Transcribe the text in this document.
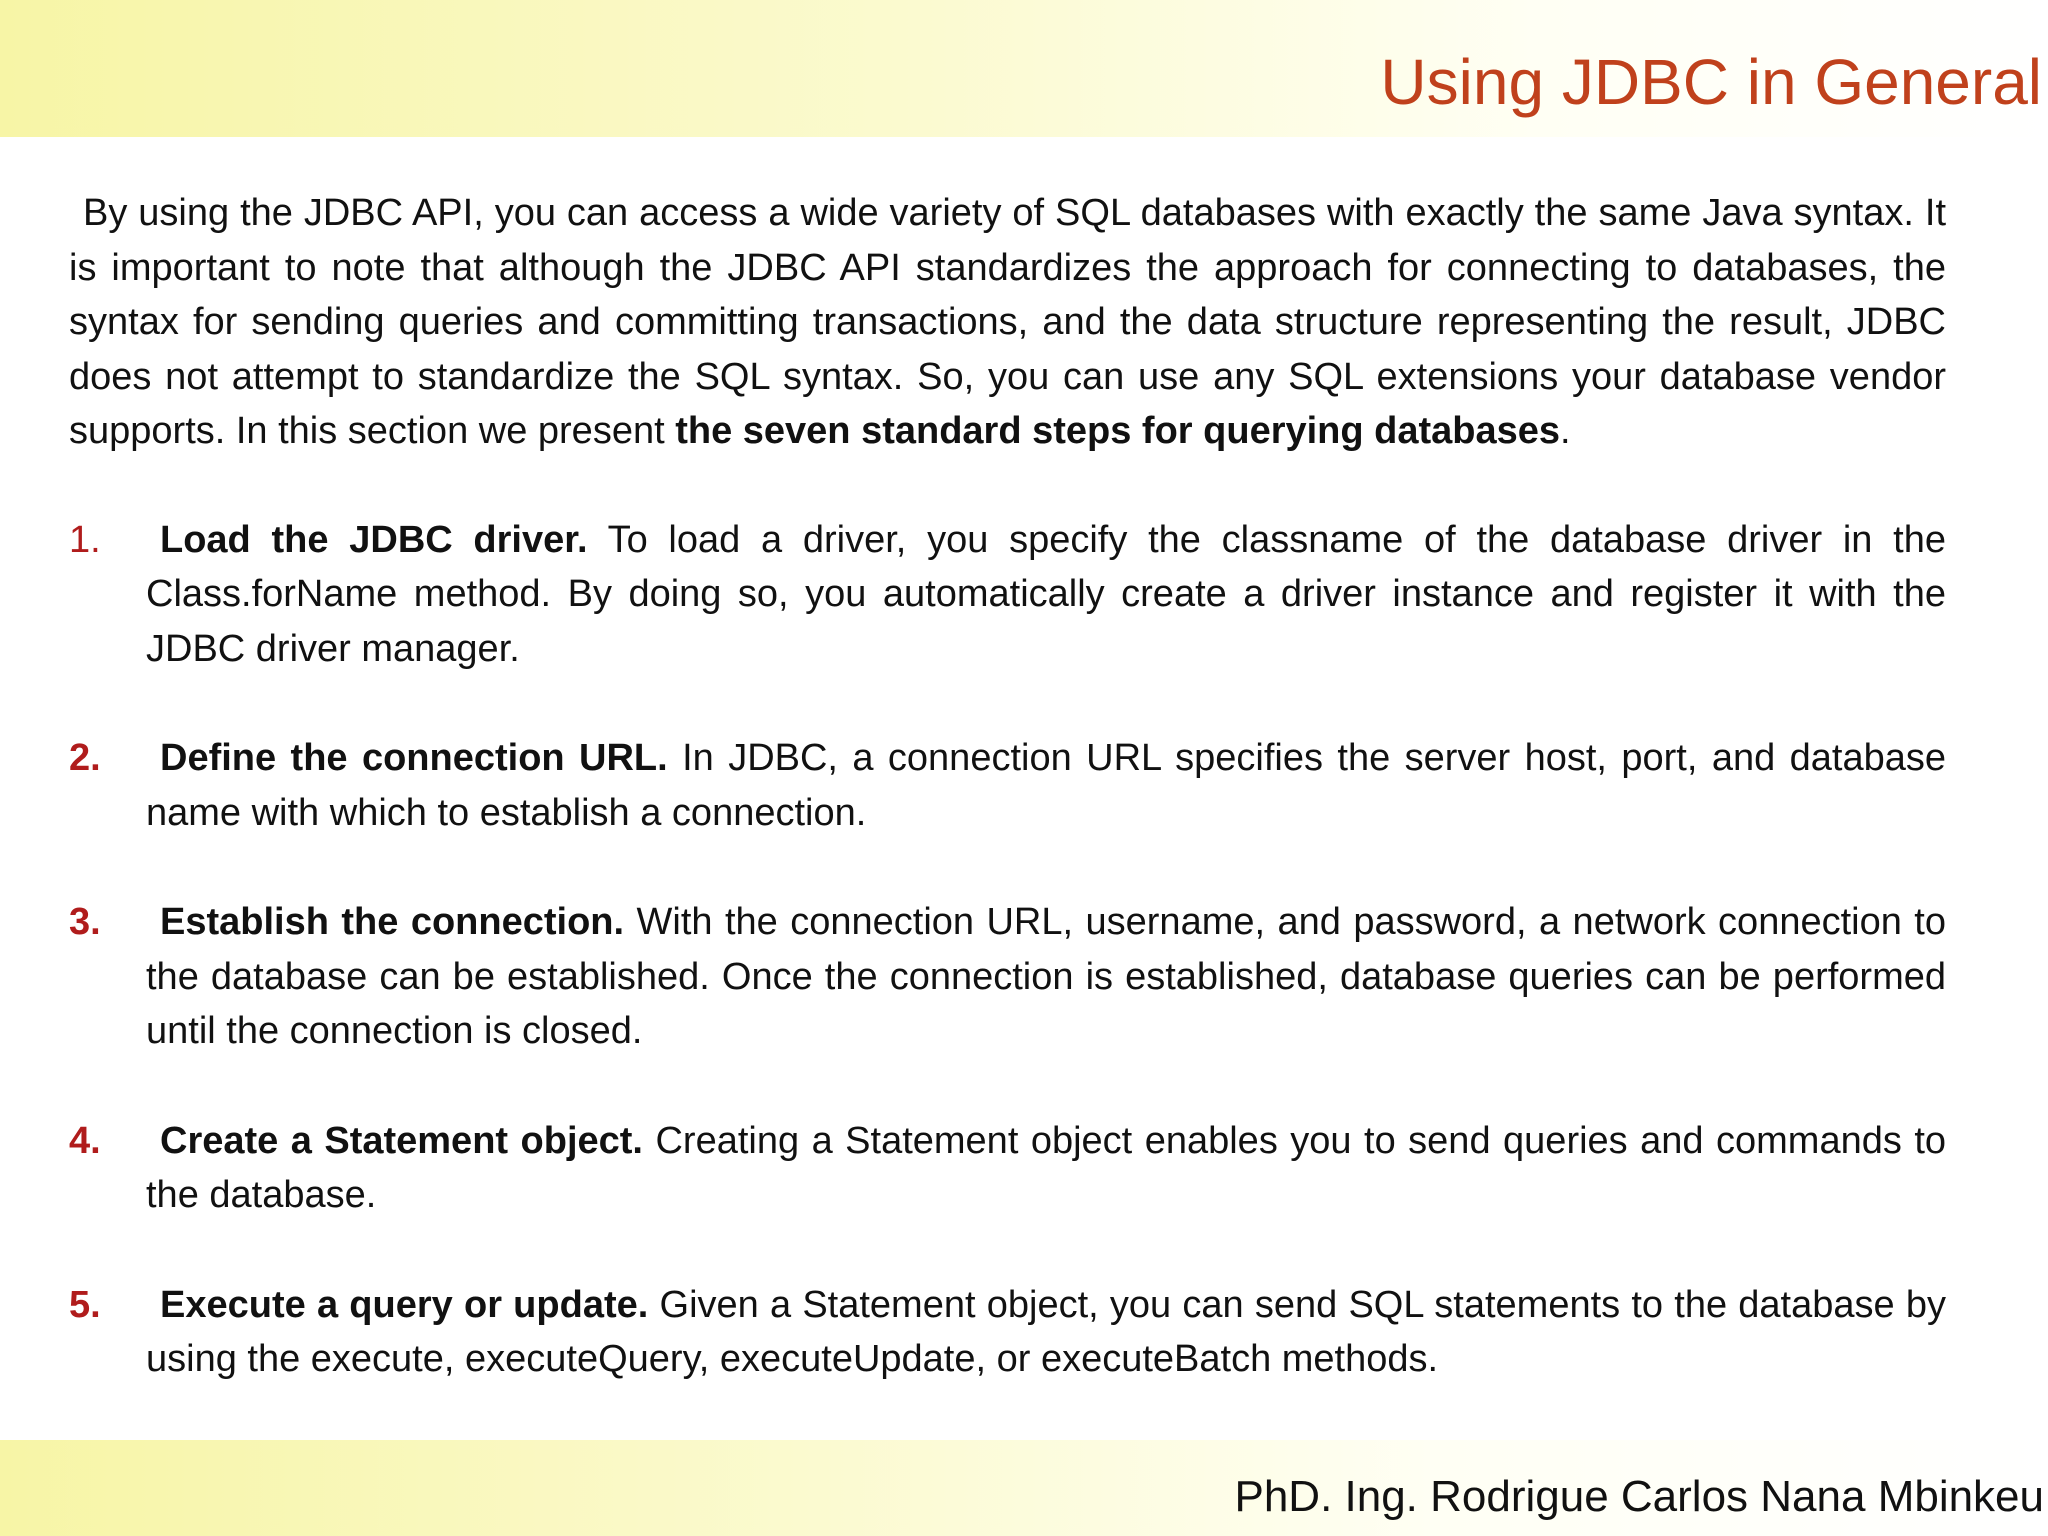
Using JDBC in General

By using the JDBC API, you can access a wide variety of SQL databases with exactly the same Java syntax. It is important to note that although the JDBC API standardizes the approach for connecting to databases, the syntax for sending queries and committing transactions, and the data structure representing the result, JDBC does not attempt to standardize the SQL syntax. So, you can use any SQL extensions your database vendor supports. In this section we present the seven standard steps for querying databases.

1. Load the JDBC driver. To load a driver, you specify the classname of the database driver in the Class.forName method. By doing so, you automatically create a driver instance and register it with the JDBC driver manager.
2. Define the connection URL. In JDBC, a connection URL specifies the server host, port, and database name with which to establish a connection.
3. Establish the connection. With the connection URL, username, and password, a network connection to the database can be established. Once the connection is established, database queries can be performed until the connection is closed.
4. Create a Statement object. Creating a Statement object enables you to send queries and commands to the database.
5. Execute a query or update. Given a Statement object, you can send SQL statements to the database by using the execute, executeQuery, executeUpdate, or executeBatch methods.

PhD. Ing. Rodrigue Carlos Nana Mbinkeu
